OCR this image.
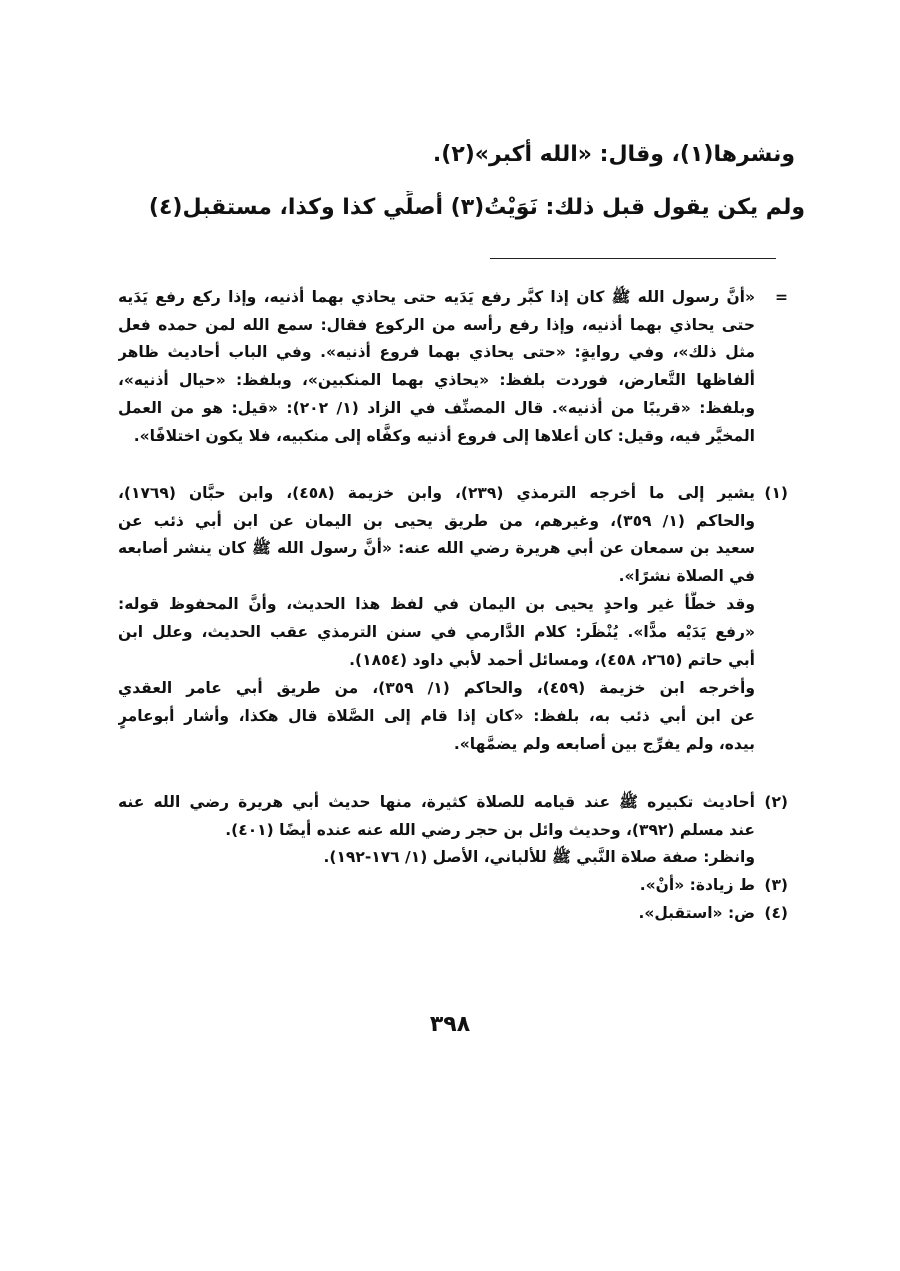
ونشرها(١)، وقال: «الله أكبر»(٢).
ولم يكن يقول قبل ذلك: نَوَيْتُ(٣) أصلِّي كذا وكذا، مستقبل(٤)
=
«أنَّ رسول الله ﷺ كان إذا كبَّر رفع يَدَيه حتى يحاذي بهما أذنيه، وإذا ركع رفع يَدَيه
حتى يحاذي بهما أذنيه، وإذا رفع رأسه من الركوع فقال: سمع الله لمن حمده فعل
مثل ذلك»، وفي روايةٍ: «حتى يحاذي بهما فروع أذنيه». وفي الباب أحاديث ظاهر
ألفاظها التَّعارض، فوردت بلفظ: «يحاذي بهما المنكبين»، وبلفظ: «حيال أذنيه»،
وبلفظ: «قريبًا من أذنيه». قال المصنِّف في الزاد (١/ ٢٠٢): «قيل: هو من العمل
المخيَّر فيه، وقيل: كان أعلاها إلى فروع أذنيه وكفَّاه إلى منكبيه، فلا يكون اختلافًا».
(١)
يشير إلى ما أخرجه الترمذي (٢٣٩)، وابن خزيمة (٤٥٨)، وابن حبَّان (١٧٦٩)،
والحاكم (١/ ٣٥٩)، وغيرهم، من طريق يحيى بن اليمان عن ابن أبي ذئب عن
سعيد بن سمعان عن أبي هريرة رضي الله عنه: «أنَّ رسول الله ﷺ كان ينشر أصابعه
في الصلاة نشرًا».
وقد خطَّأ غير واحدٍ يحيى بن اليمان في لفظ هذا الحديث، وأنَّ المحفوظ قوله:
«رفع يَدَيْه مدًّا». يُنْظَر: كلام الدَّارمي في سنن الترمذي عقب الحديث، وعلل ابن
أبي حاتم (٢٦٥، ٤٥٨)، ومسائل أحمد لأبي داود (١٨٥٤).
وأخرجه ابن خزيمة (٤٥٩)، والحاكم (١/ ٣٥٩)، من طريق أبي عامر العقدي
عن ابن أبي ذئب به، بلفظ: «كان إذا قام إلى الصَّلاة قال هكذا، وأشار أبوعامرٍ
بيده، ولم يفرِّج بين أصابعه ولم يضمَّها».
(٢)
أحاديث تكبيره ﷺ عند قيامه للصلاة كثيرة، منها حديث أبي هريرة رضي الله عنه
عند مسلم (٣٩٢)، وحديث وائل بن حجر رضي الله عنه عنده أيضًا (٤٠١).
وانظر: صفة صلاة النَّبي ﷺ للألباني، الأصل (١/ ١٧٦-١٩٢).
(٣)
ط زيادة: «أنْ».
(٤)
ض: «استقبل».
٣٩٨
